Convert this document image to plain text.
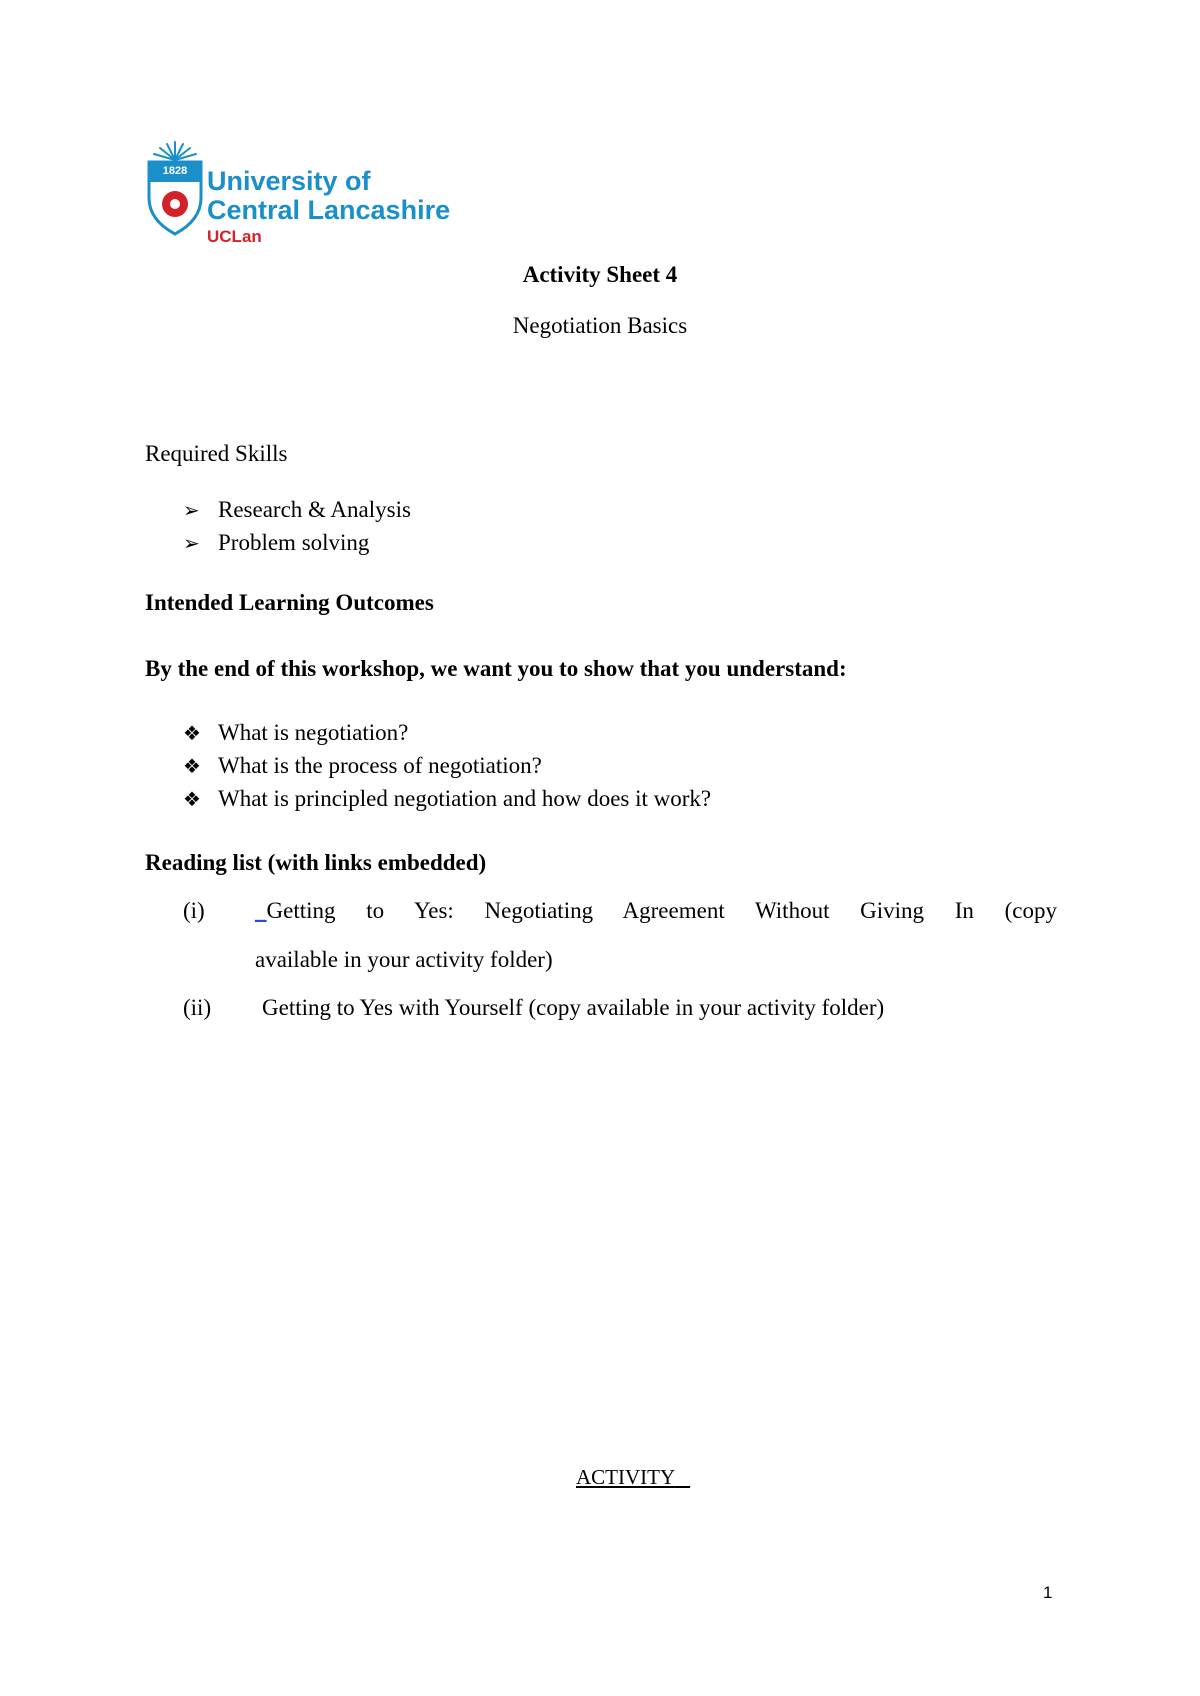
1828 University of
Central Lancashire
UCLan
Activity Sheet 4
Negotiation Basics
Required Skills
➢ Research & Analysis
➢ Problem solving
Intended Learning Outcomes
By the end of this workshop, we want you to show that you understand:
❖ What is negotiation?
❖ What is the process of negotiation?
❖ What is principled negotiation and how does it work?
Reading list (with links embedded)
(i) _Getting to Yes: Negotiating Agreement Without Giving In (copy
available in your activity folder)
(ii) Getting to Yes with Yourself (copy available in your activity folder)
ACTIVITY
1
